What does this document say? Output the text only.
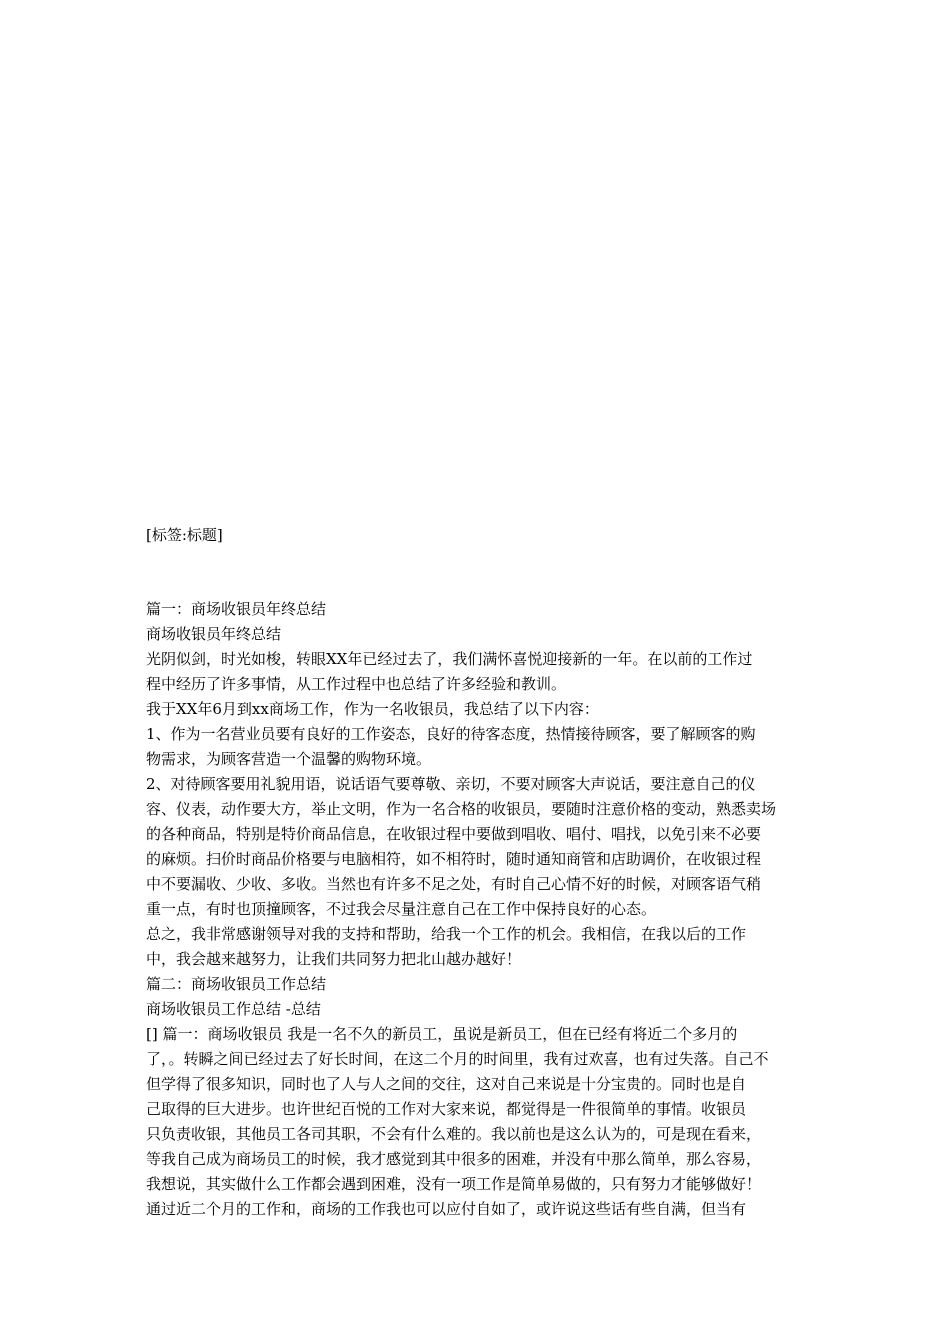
[标签:标题]
篇一：商场收银员年终总结
商场收银员年终总结
光阴似剑，时光如梭，转眼XX年已经过去了，我们满怀喜悦迎接新的一年。在以前的工作过
程中经历了许多事情，从工作过程中也总结了许多经验和教训。
我于XX年6月到xx商场工作，作为一名收银员，我总结了以下内容：
1、作为一名营业员要有良好的工作姿态，良好的待客态度，热情接待顾客，要了解顾客的购
物需求，为顾客营造一个温馨的购物环境。
2、对待顾客要用礼貌用语，说话语气要尊敬、亲切，不要对顾客大声说话，要注意自己的仪
容、仪表，动作要大方，举止文明，作为一名合格的收银员，要随时注意价格的变动，熟悉卖场
的各种商品，特别是特价商品信息，在收银过程中要做到唱收、唱付、唱找，以免引来不必要
的麻烦。扫价时商品价格要与电脑相符，如不相符时，随时通知商管和店助调价，在收银过程
中不要漏收、少收、多收。当然也有许多不足之处，有时自己心情不好的时候，对顾客语气稍
重一点，有时也顶撞顾客，不过我会尽量注意自己在工作中保持良好的心态。
总之，我非常感谢领导对我的支持和帮助，给我一个工作的机会。我相信，在我以后的工作
中，我会越来越努力，让我们共同努力把北山越办越好！
篇二：商场收银员工作总结
商场收银员工作总结 -总结
[] 篇一：商场收银员 我是一名不久的新员工，虽说是新员工，但在已经有将近二个多月的
了，。转瞬之间已经过去了好长时间，在这二个月的时间里，我有过欢喜，也有过失落。自己不
但学得了很多知识，同时也了人与人之间的交往，这对自己来说是十分宝贵的。同时也是自
己取得的巨大进步。也许世纪百悦的工作对大家来说，都觉得是一件很简单的事情。收银员
只负责收银，其他员工各司其职，不会有什么难的。我以前也是这么认为的，可是现在看来，
等我自己成为商场员工的时候，我才感觉到其中很多的困难，并没有中那么简单，那么容易，
我想说，其实做什么工作都会遇到困难，没有一项工作是简单易做的，只有努力才能够做好！
通过近二个月的工作和，商场的工作我也可以应付自如了，或许说这些话有些自满，但当有
